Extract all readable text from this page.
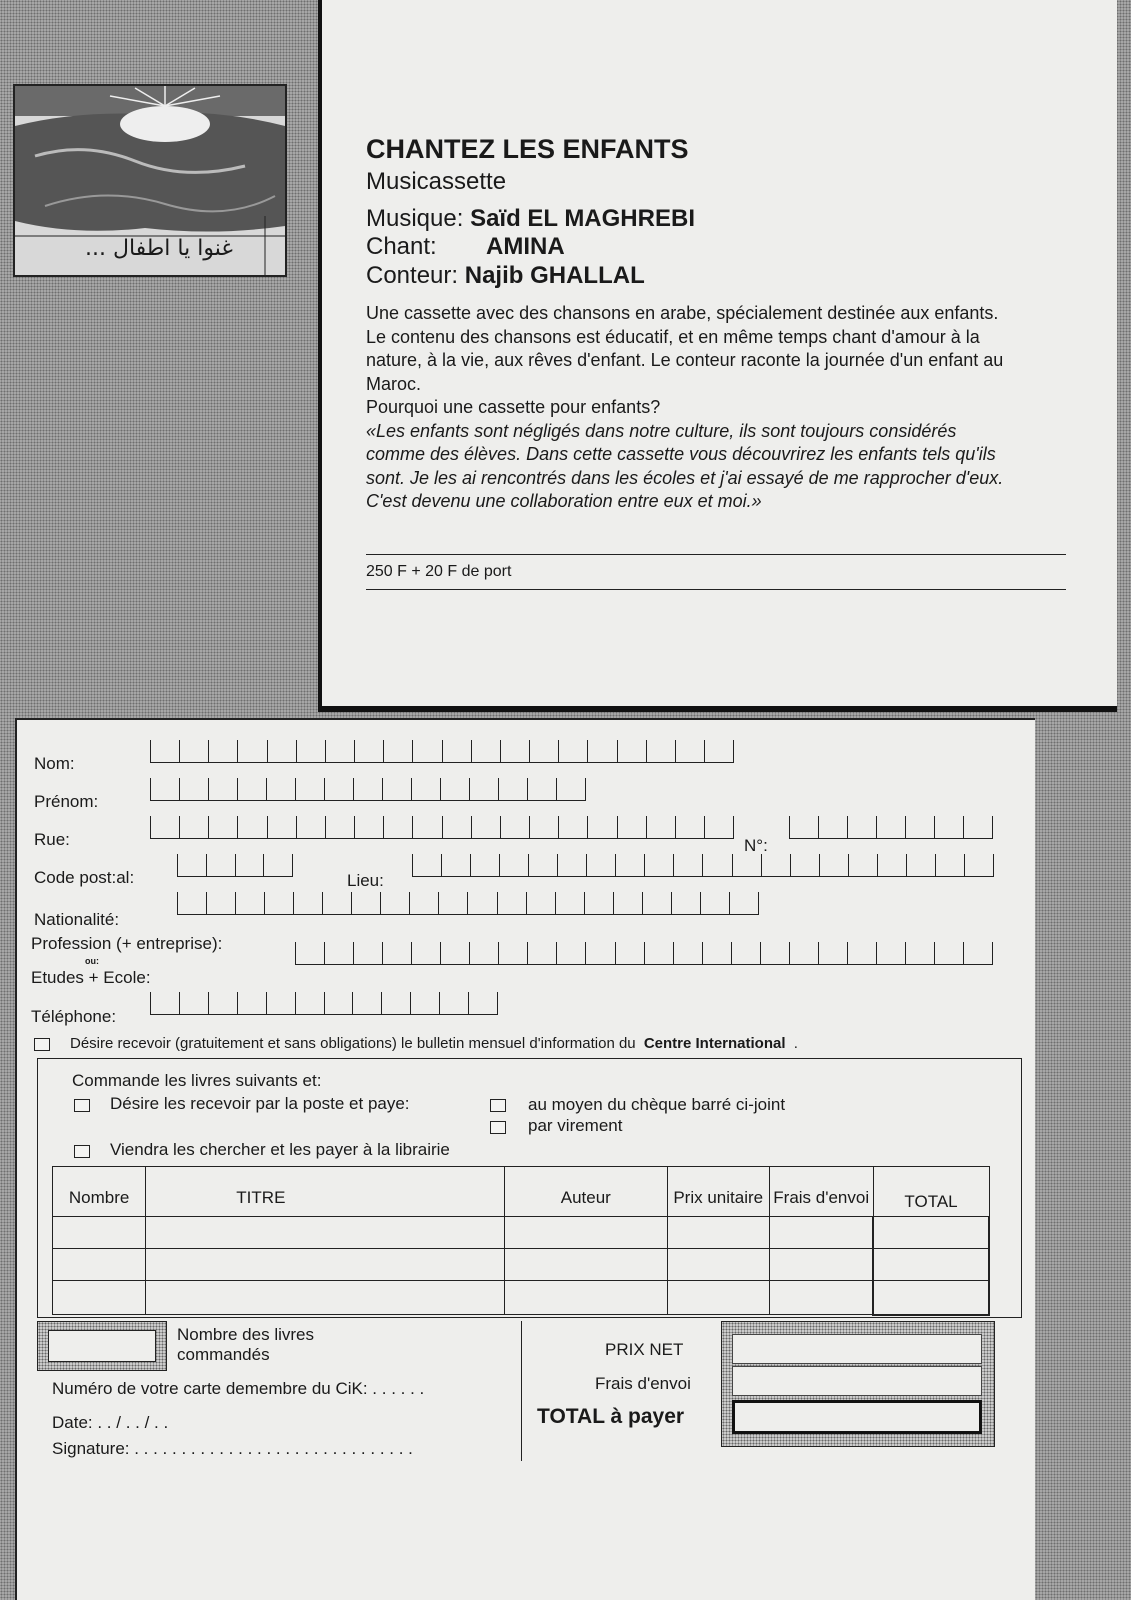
غنوا يا اطفال ...
CHANTEZ LES ENFANTS
Musicassette
Musique: Saïd EL MAGHREBI
Chant: AMINA
Conteur: Najib GHALLAL
Une cassette avec des chansons en arabe, spécialement destinée aux enfants.
Le contenu des chansons est éducatif, et en même temps chant d'amour à la
nature, à la vie, aux rêves d'enfant. Le conteur raconte la journée d'un enfant au
Maroc.
Pourquoi une cassette pour enfants?
«Les enfants sont négligés dans notre culture, ils sont toujours considérés
comme des élèves. Dans cette cassette vous découvrirez les enfants tels qu'ils
sont. Je les ai rencontrés dans les écoles et j'ai essayé de me rapprocher d'eux.
C'est devenu une collaboration entre eux et moi.»
250 F + 20 F de port
Nom:
Prénom:
Rue:	N°:
Code post:al:	Lieu:
Nationalité:
Profession (+ entreprise):
ou:
Etudes + Ecole:
Téléphone:
Désire recevoir (gratuitement et sans obligations) le bulletin mensuel d'information du Centre International .
Commande les livres suivants et:
Désire les recevoir par la poste et paye:	au moyen du chèque barré ci-joint
par virement
Viendra les chercher et les payer à la librairie
Nombre	TITRE	Auteur	Prix unitaire	Frais d'envoi	TOTAL

Nombre des livres
commandés
Numéro de votre carte demembre du CiK: . . . . . .
Date: . . / . . / . .
Signature: . . . . . . . . . . . . . . . . . . . . . . . . . . . . . .
PRIX NET
Frais d'envoi
TOTAL à payer
